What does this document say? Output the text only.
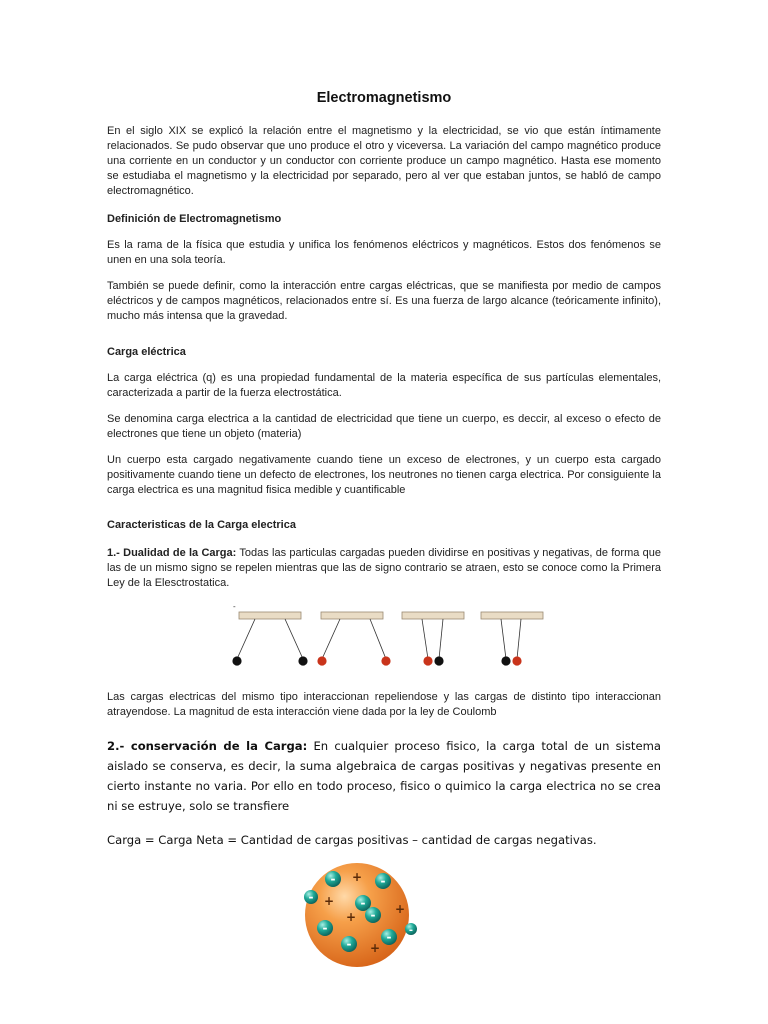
Electromagnetismo

En el siglo XIX se explicó la relación entre el magnetismo y la electricidad, se vio que están íntimamente relacionados. Se pudo observar que uno produce el otro y viceversa. La variación del campo magnético produce una corriente en un conductor y un conductor con corriente produce un campo magnético. Hasta ese momento se estudiaba el magnetismo y la electricidad por separado, pero al ver que estaban juntos, se habló de campo electromagnético.

Definición de Electromagnetismo

Es la rama de la física que estudia y unifica los fenómenos eléctricos y magnéticos. Estos dos fenómenos se unen en una sola teoría.

También se puede definir, como la interacción entre cargas eléctricas, que se manifiesta por medio de campos eléctricos y de campos magnéticos, relacionados entre sí. Es una fuerza de largo alcance (teóricamente infinito), mucho más intensa que la gravedad.

Carga eléctrica

La carga eléctrica (q) es una propiedad fundamental de la materia específica de sus partículas elementales, caracterizada a partir de la fuerza electrostática.

Se denomina carga electrica a la cantidad de electricidad que tiene un cuerpo, es deccir, al exceso o efecto de electrones que tiene un objeto (materia)

Un cuerpo esta cargado negativamente cuando tiene un exceso de electrones, y un cuerpo esta cargado positivamente cuando tiene un defecto de electrones, los neutrones no tienen carga electrica. Por consiguiente la carga electrica es una magnitud fisica medible y cuantificable

Caracteristicas de la Carga electrica

1.- Dualidad de la Carga: Todas las particulas cargadas pueden dividirse en positivas y negativas, de forma que las de un mismo signo se repelen mientras que las de signo contrario se atraen, esto se conoce como la Primera Ley de la Elesctrostatica.

-

Las cargas electricas del mismo tipo interaccionan repeliendose y las cargas de distinto tipo interaccionan atrayendose. La magnitud de esta interacción viene dada por la ley de Coulomb

2.- conservación de la Carga: En cualquier proceso fisico, la carga total de un sistema aislado se conserva, es decir, la suma algebraica de cargas positivas y negativas presente en cierto instante no varia. Por ello en todo proceso, fisico o quimico la carga electrica no se crea ni se estruye, solo se transfiere

Carga = Carga Neta = Cantidad de cargas positivas – cantidad de cargas negativas.

+
+
+
+
+
-	-
-	-
-
-
-	- -
